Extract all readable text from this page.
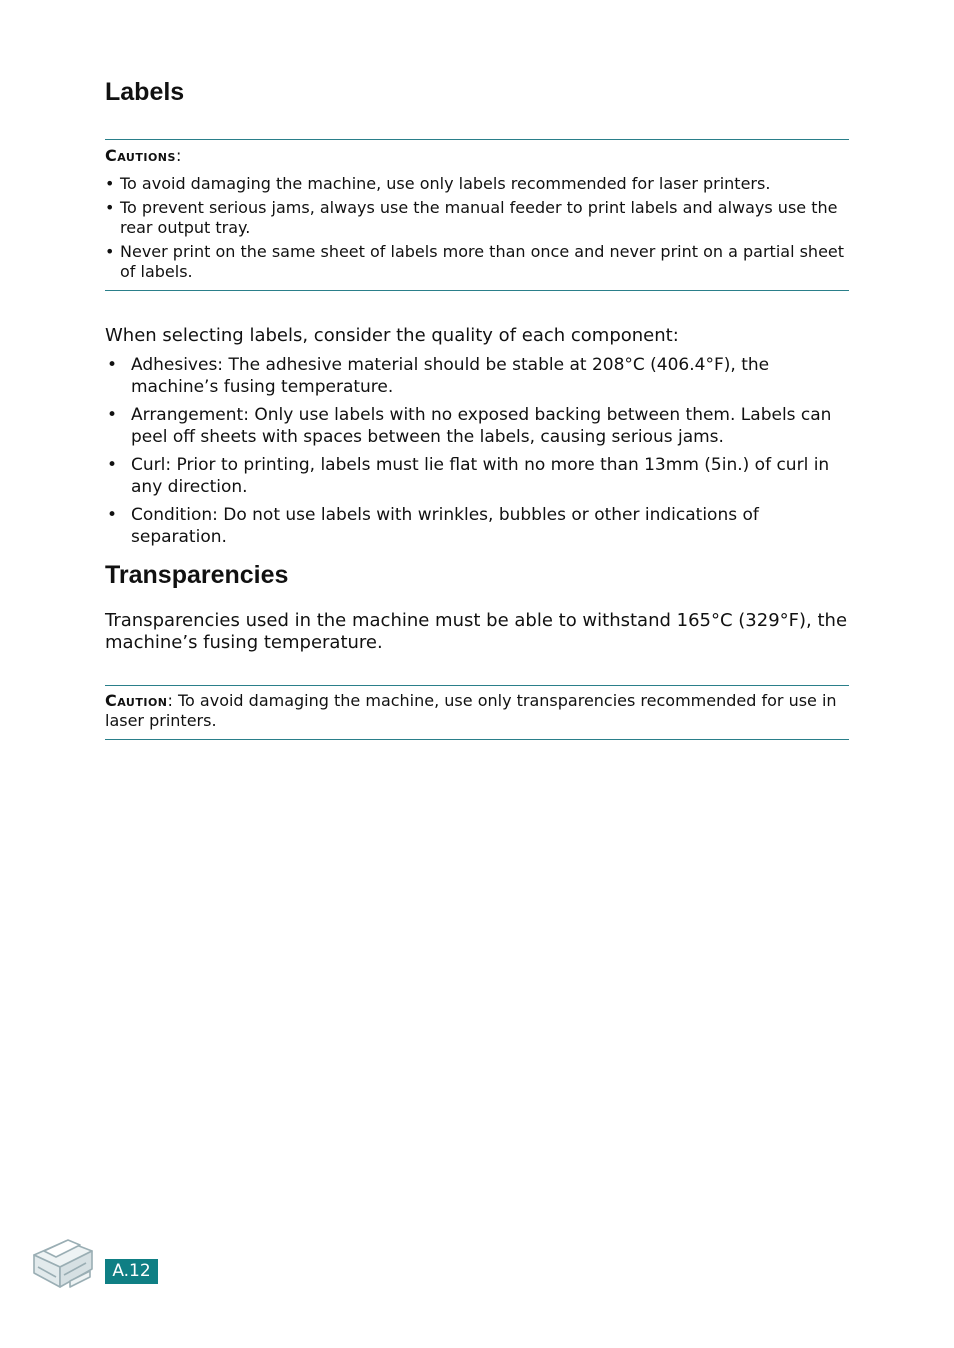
Labels
Cautions:
• To avoid damaging the machine, use only labels recommended for laser printers.
• To prevent serious jams, always use the manual feeder to print labels and always use the rear output tray.
• Never print on the same sheet of labels more than once and never print on a partial sheet of labels.

When selecting labels, consider the quality of each component:

• Adhesives: The adhesive material should be stable at 208°C (406.4°F), the machine’s fusing temperature.
• Arrangement: Only use labels with no exposed backing between them. Labels can peel off sheets with spaces between the labels, causing serious jams.
• Curl: Prior to printing, labels must lie flat with no more than 13mm (5in.) of curl in any direction.
• Condition: Do not use labels with wrinkles, bubbles or other indications of separation.
Transparencies

Transparencies used in the machine must be able to withstand 165°C (329°F), the machine’s fusing temperature.

Caution: To avoid damaging the machine, use only transparencies recommended for use in laser printers.
A.12
